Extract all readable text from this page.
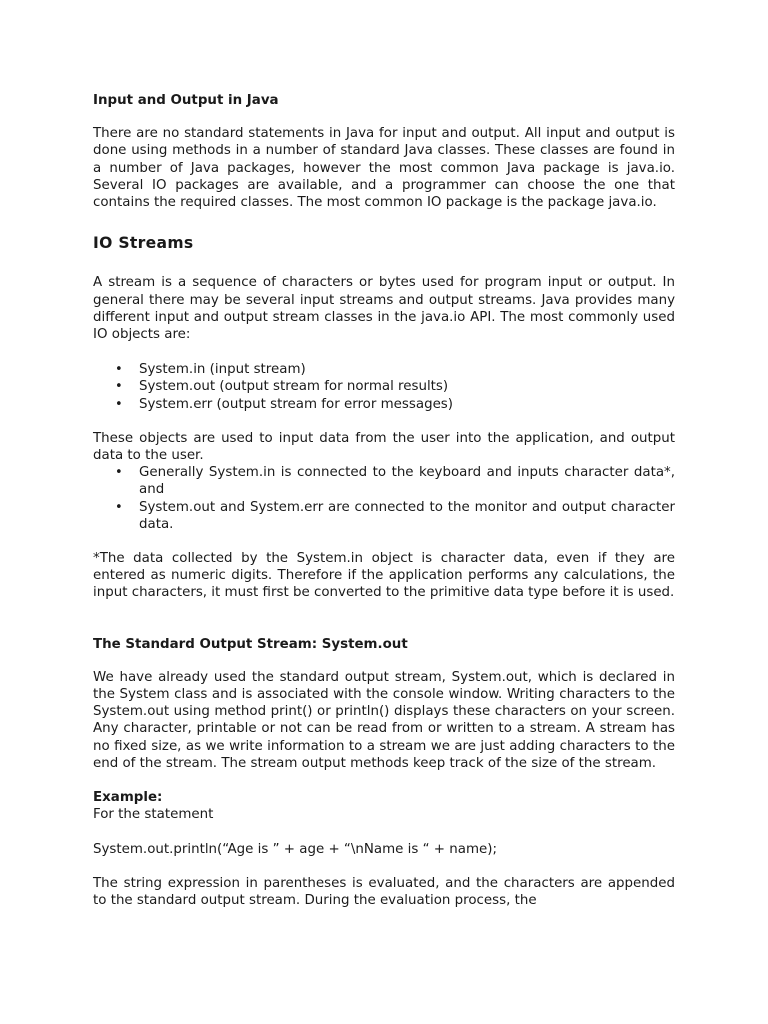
Input and Output in Java

There are no standard statements in Java for input and output. All input and output is done using methods in a number of standard Java classes. These classes are found in a number of Java packages, however the most common Java package is java.io. Several IO packages are available, and a programmer can choose the one that contains the required classes. The most common IO package is the package java.io.

IO Streams

A stream is a sequence of characters or bytes used for program input or output. In general there may be several input streams and output streams. Java provides many different input and output stream classes in the java.io API. The most commonly used IO objects are:

• System.in (input stream)
• System.out (output stream for normal results)
• System.err (output stream for error messages)

These objects are used to input data from the user into the application, and output data to the user.

• Generally System.in is connected to the keyboard and inputs character data*, and
• System.out and System.err are connected to the monitor and output character data.

*The data collected by the System.in object is character data, even if they are entered as numeric digits. Therefore if the application performs any calculations, the input characters, it must first be converted to the primitive data type before it is used.

The Standard Output Stream: System.out

We have already used the standard output stream, System.out, which is declared in the System class and is associated with the console window. Writing characters to the System.out using method print() or println() displays these characters on your screen. Any character, printable or not can be read from or written to a stream. A stream has no fixed size, as we write information to a stream we are just adding characters to the end of the stream. The stream output methods keep track of the size of the stream.

Example:
For the statement
System.out.println(“Age is ” + age + “\nName is “ + name);

The string expression in parentheses is evaluated, and the characters are appended to the standard output stream. During the evaluation process, the
